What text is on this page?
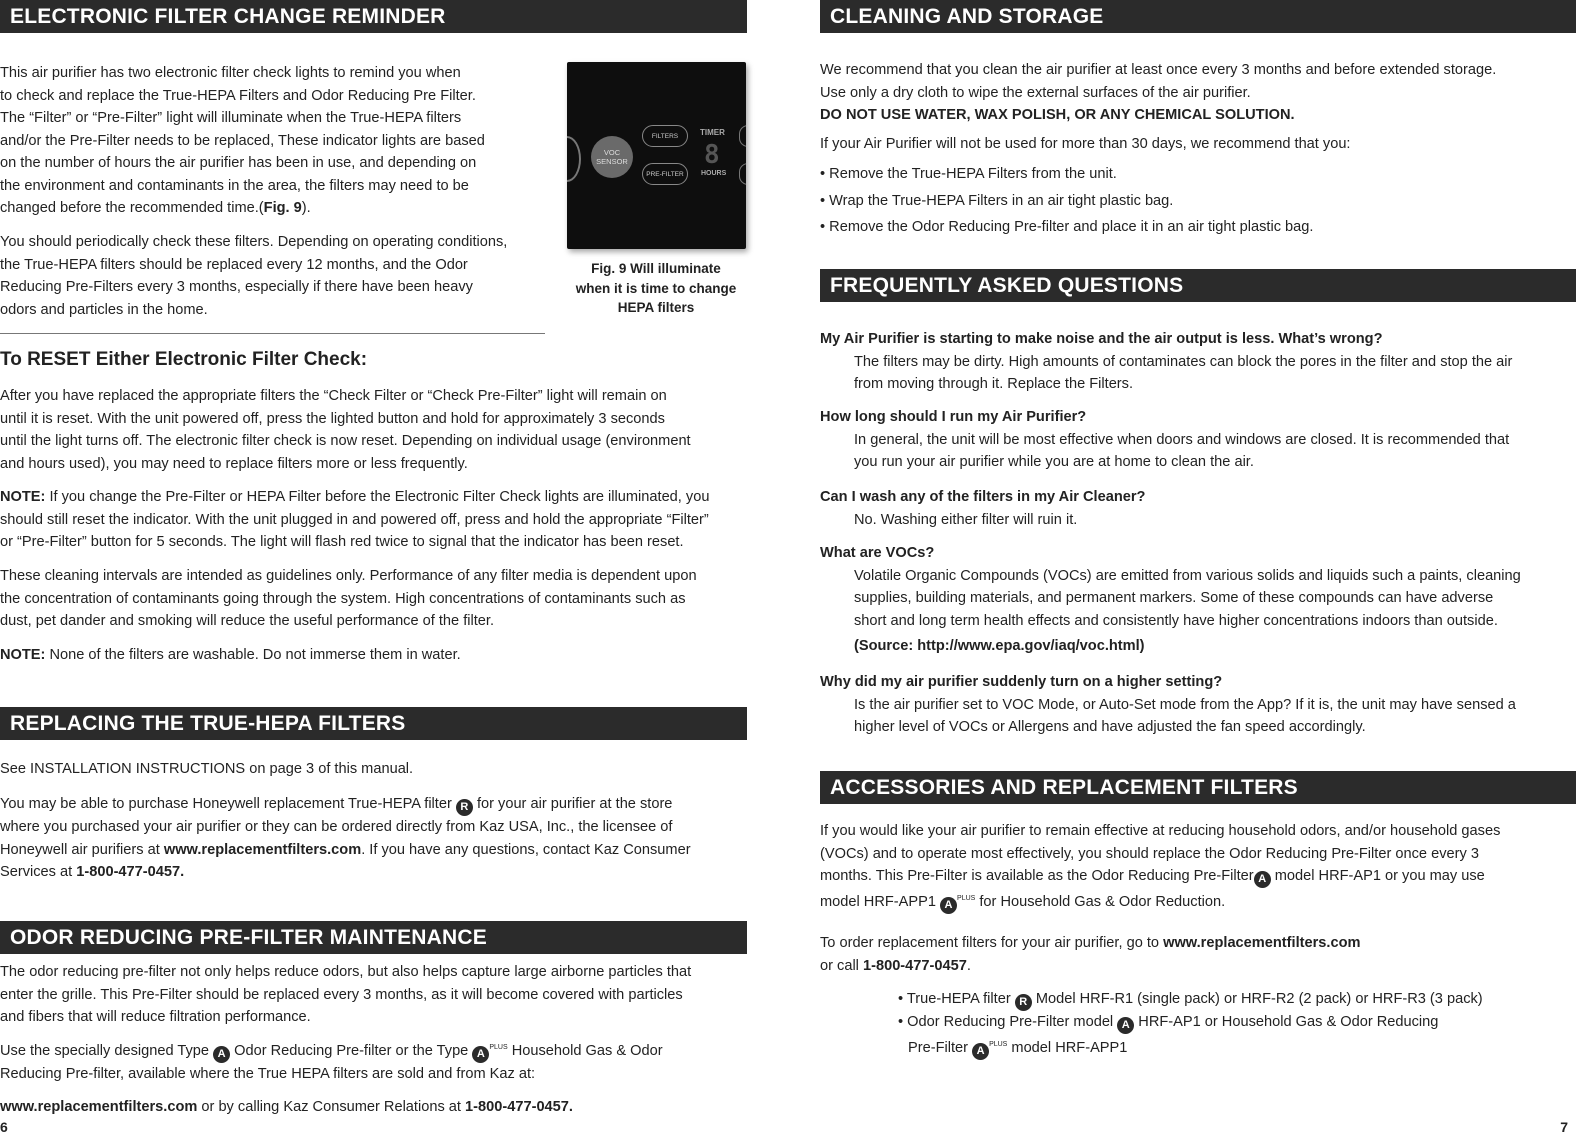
ELECTRONIC FILTER CHANGE REMINDER

This air purifier has two electronic filter check lights to remind you when

to check and replace the True-HEPA Filters and Odor Reducing Pre Filter.

The “Filter” or “Pre-Filter” light will illuminate when the True-HEPA filters

and/or the Pre-Filter needs to be replaced, These indicator lights are based

on the number of hours the air purifier has been in use, and depending on

the environment and contaminants in the area, the filters may need to be

changed before the recommended time.(Fig. 9).

You should periodically check these filters. Depending on operating conditions,

the True-HEPA filters should be replaced every 12 months, and the Odor

Reducing Pre-Filters every 3 months, especially if there have been heavy

odors and particles in the home.

VOC SENSOR
FILTERS
PRE-FILTER
TIMER
8
HOURS
Fig. 9 Will illuminate
when it is time to change
HEPA filters
To RESET Either Electronic Filter Check:

After you have replaced the appropriate filters the “Check Filter or “Check Pre-Filter” light will remain on

until it is reset. With the unit powered off, press the lighted button and hold for approximately 3 seconds

until the light turns off. The electronic filter check is now reset. Depending on individual usage (environment

and hours used), you may need to replace filters more or less frequently.

NOTE: If you change the Pre-Filter or HEPA Filter before the Electronic Filter Check lights are illuminated, you

should still reset the indicator. With the unit plugged in and powered off, press and hold the appropriate “Filter”

or “Pre-Filter” button for 5 seconds. The light will flash red twice to signal that the indicator has been reset.

These cleaning intervals are intended as guidelines only. Performance of any filter media is dependent upon

the concentration of contaminants going through the system. High concentrations of contaminants such as

dust, pet dander and smoking will reduce the useful performance of the filter.

NOTE: None of the filters are washable. Do not immerse them in water.

REPLACING THE TRUE-HEPA FILTERS

See INSTALLATION INSTRUCTIONS on page 3 of this manual.

You may be able to purchase Honeywell replacement True-HEPA filter R for your air purifier at the store

where you purchased your air purifier or they can be ordered directly from Kaz USA, Inc., the licensee of

Honeywell air purifiers at www.replacementfilters.com. If you have any questions, contact Kaz Consumer

Services at 1-800-477-0457.

ODOR REDUCING PRE-FILTER MAINTENANCE

The odor reducing pre-filter not only helps reduce odors, but also helps capture large airborne particles that

enter the grille. This Pre-Filter should be replaced every 3 months, as it will become covered with particles

and fibers that will reduce filtration performance.

Use the specially designed Type A Odor Reducing Pre-filter or the Type $A^{PLUS}$ Household Gas & Odor

Reducing Pre-filter, available where the True HEPA filters are sold and from Kaz at:

www.replacementfilters.com or by calling Kaz Consumer Relations at 1-800-477-0457.

6
CLEANING AND STORAGE

We recommend that you clean the air purifier at least once every 3 months and before extended storage.

Use only a dry cloth to wipe the external surfaces of the air purifier.

DO NOT USE WATER, WAX POLISH, OR ANY CHEMICAL SOLUTION.

If your Air Purifier will not be used for more than 30 days, we recommend that you:

• Remove the True-HEPA Filters from the unit.

• Wrap the True-HEPA Filters in an air tight plastic bag.

• Remove the Odor Reducing Pre-filter and place it in an air tight plastic bag.

FREQUENTLY ASKED QUESTIONS

My Air Purifier is starting to make noise and the air output is less. What’s wrong?

The filters may be dirty. High amounts of contaminates can block the pores in the filter and stop the air

from moving through it. Replace the Filters.

How long should I run my Air Purifier?

In general, the unit will be most effective when doors and windows are closed. It is recommended that

you run your air purifier while you are at home to clean the air.

Can I wash any of the filters in my Air Cleaner?

No. Washing either filter will ruin it.

What are VOCs?

Volatile Organic Compounds (VOCs) are emitted from various solids and liquids such a paints, cleaning

supplies, building materials, and permanent markers. Some of these compounds can have adverse

short and long term health effects and consistently have higher concentrations indoors than outside.

(Source: http://www.epa.gov/iaq/voc.html)

Why did my air purifier suddenly turn on a higher setting?

Is the air purifier set to VOC Mode, or Auto-Set mode from the App? If it is, the unit may have sensed a

higher level of VOCs or Allergens and have adjusted the fan speed accordingly.

ACCESSORIES AND REPLACEMENT FILTERS

If you would like your air purifier to remain effective at reducing household odors, and/or household gases

(VOCs) and to operate most effectively, you should replace the Odor Reducing Pre-Filter once every 3

months. This Pre-Filter is available as the Odor Reducing Pre-Filter A model HRF-AP1 or you may use

model HRF-APP1 $A^{PLUS}$ for Household Gas & Odor Reduction.

To order replacement filters for your air purifier, go to www.replacementfilters.com

or call 1-800-477-0457.

• True-HEPA filter R Model HRF-R1 (single pack) or HRF-R2 (2 pack) or HRF-R3 (3 pack)

• Odor Reducing Pre-Filter model A HRF-AP1 or Household Gas & Odor Reducing

Pre-Filter $A^{PLUS}$ model HRF-APP1

7
